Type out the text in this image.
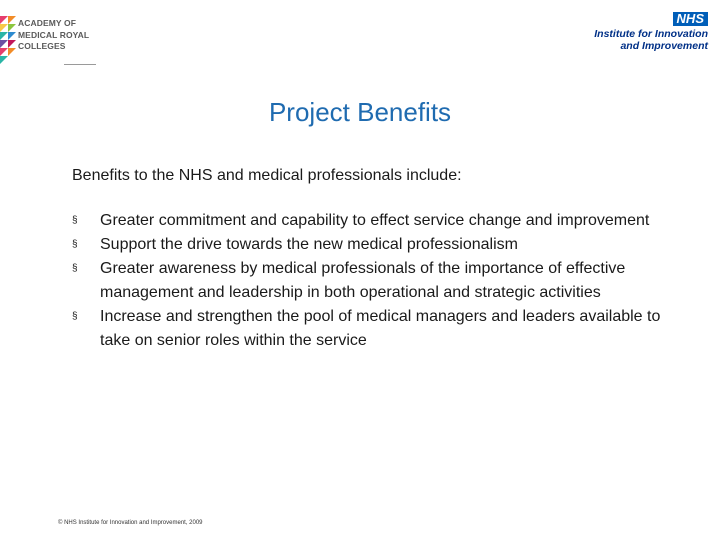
ACADEMY OF
MEDICAL ROYAL
COLLEGES
NHS
Institute for Innovation
and Improvement
Project Benefits

Benefits to the NHS and medical professionals include:

§	Greater commitment and capability to effect service change and improvement
§	Support the drive towards the new medical professionalism
§	Greater awareness by medical professionals of the importance of effective management and leadership in both operational and strategic activities
§	Increase and strengthen the pool of medical managers and leaders available to take on senior roles within the service
© NHS Institute for Innovation and Improvement, 2009
